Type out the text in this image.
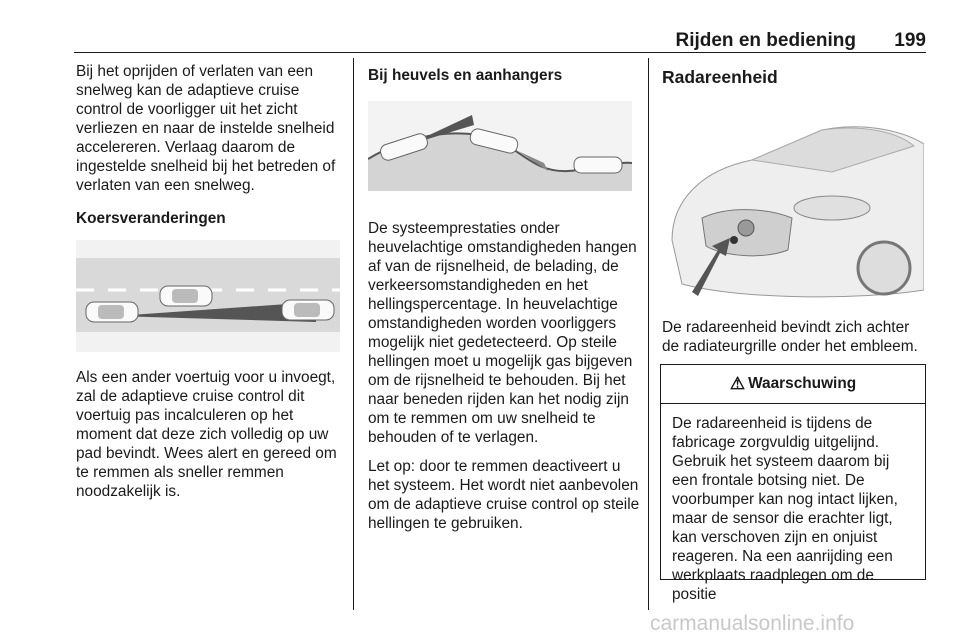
Rijden en bediening	199

Bij het oprijden of verlaten van een snelweg kan de adaptieve cruise control de voorligger uit het zicht verliezen en naar de instelde snelheid accelereren. Verlaag daarom de ingestelde snelheid bij het betreden of verlaten van een snelweg.

Koersveranderingen

Als een ander voertuig voor u invoegt, zal de adaptieve cruise control dit voertuig pas incalculeren op het moment dat deze zich volledig op uw pad bevindt. Wees alert en gereed om te remmen als sneller remmen noodzakelijk is.

Bij heuvels en aanhangers

De systeemprestaties onder heuvelachtige omstandigheden hangen af van de rijsnelheid, de belading, de verkeersomstandigheden en het hellingspercentage. In heuvelachtige omstandigheden worden voorliggers mogelijk niet gedetecteerd. Op steile hellingen moet u mogelijk gas bijgeven om de rijsnelheid te behouden. Bij het naar beneden rijden kan het nodig zijn om te remmen om uw snelheid te behouden of te verlagen.

Let op: door te remmen deactiveert u het systeem. Het wordt niet aanbevolen om de adaptieve cruise control op steile hellingen te gebruiken.

Radareenheid

De radareenheid bevindt zich achter de radiateurgrille onder het embleem.

⚠ Waarschuwing
De radareenheid is tijdens de fabricage zorgvuldig uitgelijnd. Gebruik het systeem daarom bij een frontale botsing niet. De voorbumper kan nog intact lijken, maar de sensor die erachter ligt, kan verschoven zijn en onjuist reageren. Na een aanrijding een werkplaats raadplegen om de positie
carmanualsonline.info
